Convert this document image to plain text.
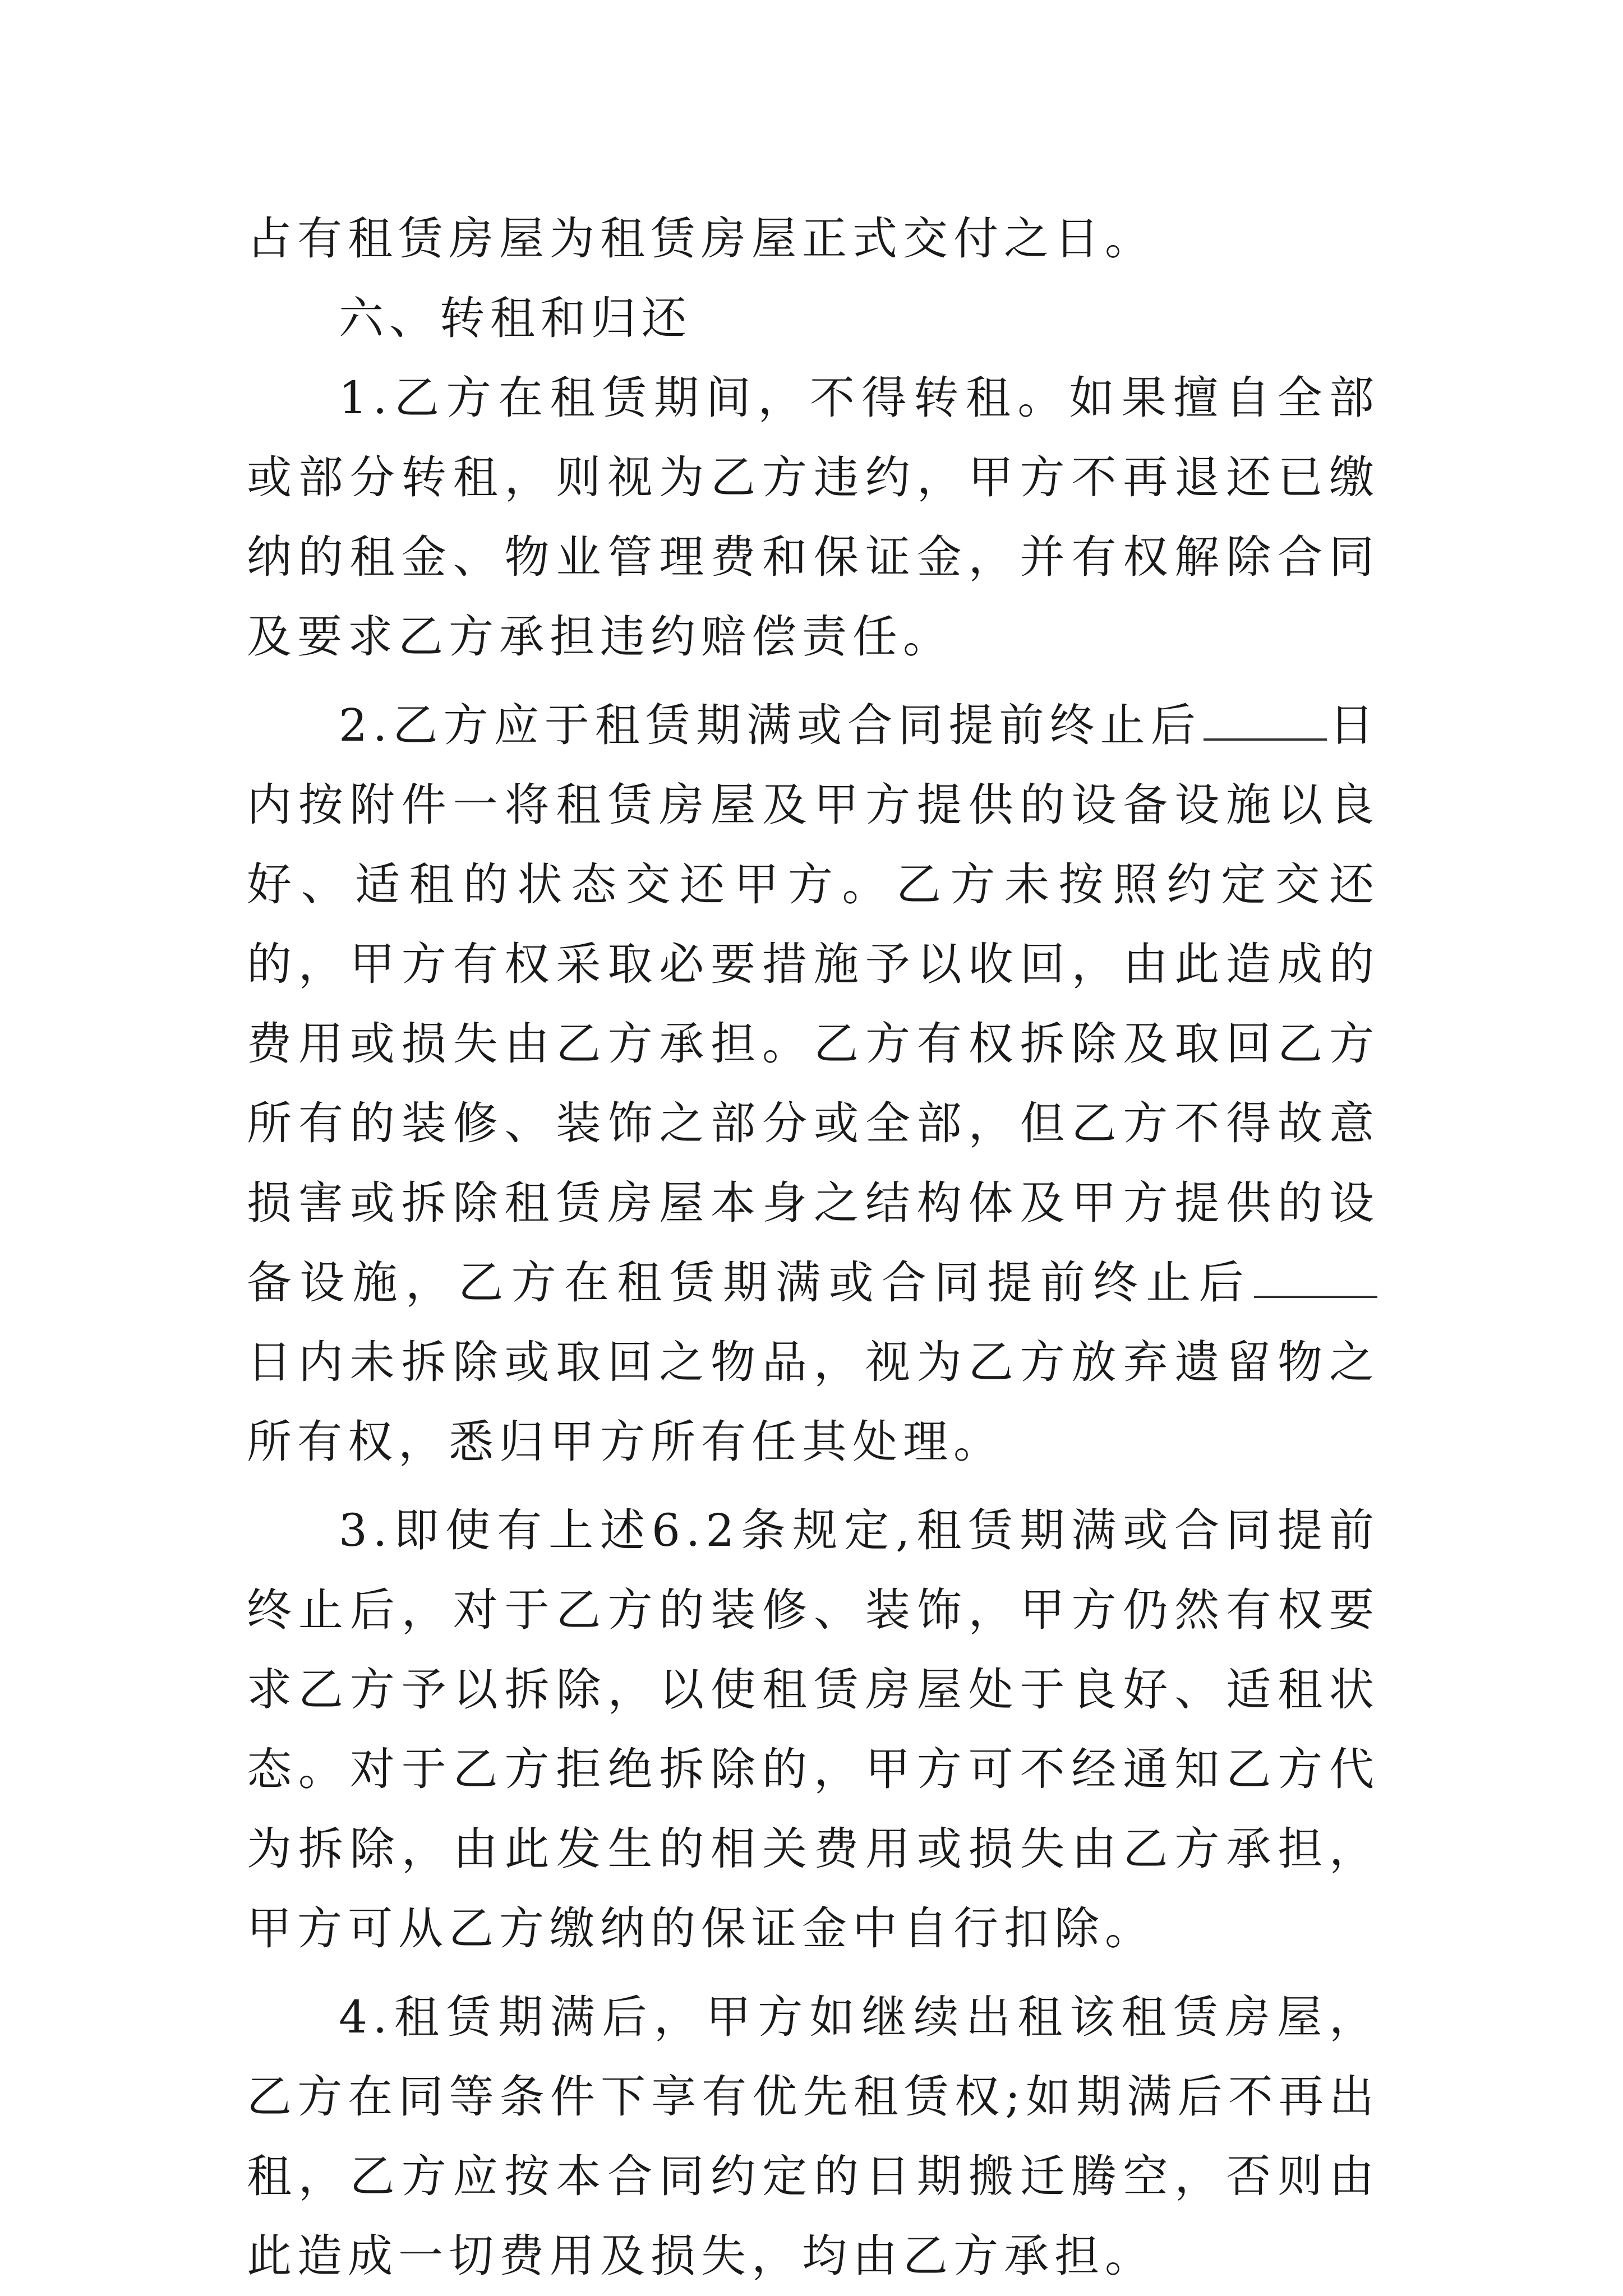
占有租赁房屋为租赁房屋正式交付之日。

六、转租和归还

1.乙方在租赁期间，不得转租。如果擅自全部或部分转租，则视为乙方违约，甲方不再退还已缴纳的租金、物业管理费和保证金，并有权解除合同及要求乙方承担违约赔偿责任。

2.乙方应于租赁期满或合同提前终止后	日内按附件一将租赁房屋及甲方提供的设备设施以良好、适租的状态交还甲方。乙方未按照约定交还的，甲方有权采取必要措施予以收回，由此造成的费用或损失由乙方承担。乙方有权拆除及取回乙方所有的装修、装饰之部分或全部，但乙方不得故意损害或拆除租赁房屋本身之结构体及甲方提供的设备设施，乙方在租赁期满或合同提前终止后日内未拆除或取回之物品，视为乙方放弃遗留物之所有权，悉归甲方所有任其处理。

3.即使有上述6.2条规定,租赁期满或合同提前终止后，对于乙方的装修、装饰，甲方仍然有权要求乙方予以拆除，以使租赁房屋处于良好、适租状态。对于乙方拒绝拆除的，甲方可不经通知乙方代为拆除，由此发生的相关费用或损失由乙方承担，甲方可从乙方缴纳的保证金中自行扣除。

4.租赁期满后，甲方如继续出租该租赁房屋，乙方在同等条件下享有优先租赁权;如期满后不再出租，乙方应按本合同约定的日期搬迁腾空，否则由此造成一切费用及损失，均由乙方承担。
